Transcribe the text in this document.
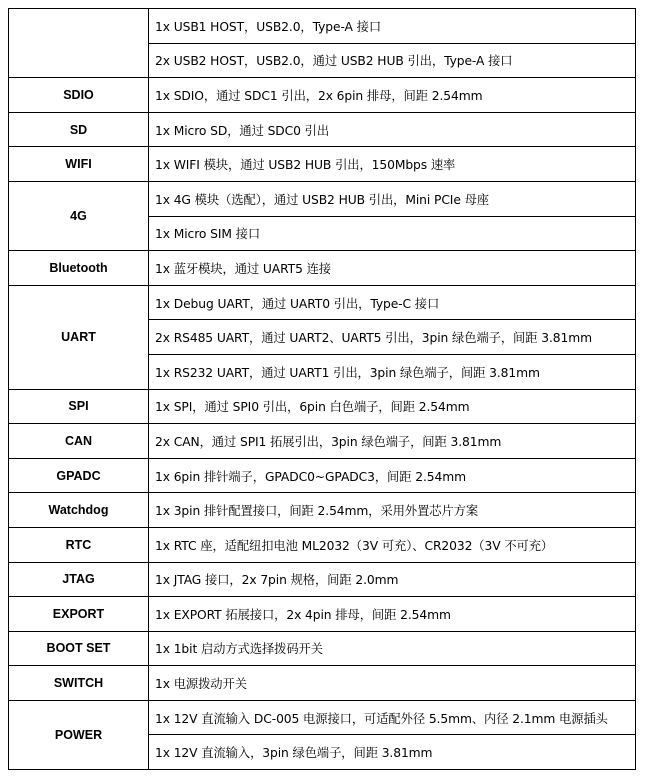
	1x USB1 HOST，USB2.0，Type-A 接口
	2x USB2 HOST，USB2.0，通过 USB2 HUB 引出，Type-A 接口
SDIO	1x SDIO，通过 SDC1 引出，2x 6pin 排母，间距 2.54mm
SD	1x Micro SD，通过 SDC0 引出
WIFI	1x WIFI 模块，通过 USB2 HUB 引出，150Mbps 速率
4G	1x 4G 模块（选配），通过 USB2 HUB 引出，Mini PCIe 母座
	1x Micro SIM 接口
Bluetooth	1x 蓝牙模块，通过 UART5 连接
UART	1x Debug UART，通过 UART0 引出，Type-C 接口
	2x RS485 UART，通过 UART2、UART5 引出，3pin 绿色端子，间距 3.81mm
	1x RS232 UART，通过 UART1 引出，3pin 绿色端子，间距 3.81mm
SPI	1x SPI，通过 SPI0 引出，6pin 白色端子，间距 2.54mm
CAN	2x CAN，通过 SPI1 拓展引出，3pin 绿色端子，间距 3.81mm
GPADC	1x 6pin 排针端子，GPADC0~GPADC3，间距 2.54mm
Watchdog	1x 3pin 排针配置接口，间距 2.54mm，采用外置芯片方案
RTC	1x RTC 座，适配纽扣电池 ML2032（3V 可充）、CR2032（3V 不可充）
JTAG	1x JTAG 接口，2x 7pin 规格，间距 2.0mm
EXPORT	1x EXPORT 拓展接口，2x 4pin 排母，间距 2.54mm
BOOT SET	1x 1bit 启动方式选择拨码开关
SWITCH	1x 电源拨动开关
POWER	1x 12V 直流输入 DC-005 电源接口，可适配外径 5.5mm、内径 2.1mm 电源插头
	1x 12V 直流输入，3pin 绿色端子，间距 3.81mm
